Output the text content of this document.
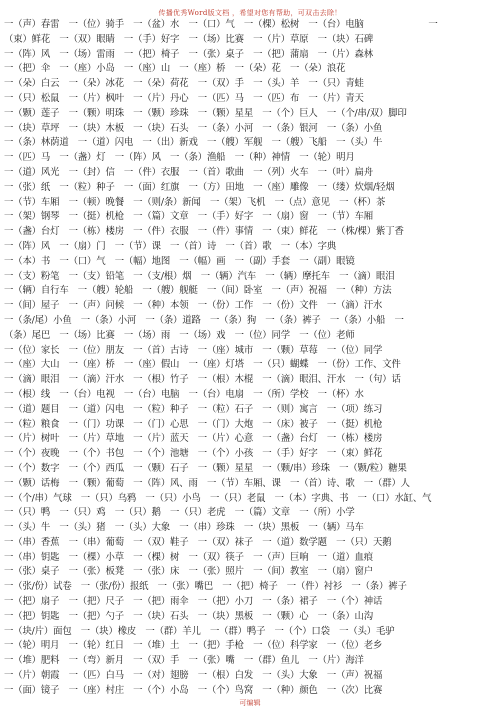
传播优秀Word版文档 ，希望对您有帮助，可双击去除！
一（声）春雷　一（位）骑手　一（盆）水　一（口）气　一（棵）松树　一（台）电脑　　　　　　　一
（束）鲜花　一（双）眼睛　一（手）好字　一（场）比赛　一（片）草原　一（块）石碑
一（阵）风　一（场）雷雨　一（把）椅子　一（张）桌子　一（把）蒲扇　一（片）森林
一（把）伞　一（座）小岛　一（座）山　一（座）桥　一（朵）花　一（朵）浪花
一（朵）白云　一（朵）冰花　一（朵）荷花　一（双）手　一（头）羊　一（只）青蛙
一（只）松鼠　一（片）枫叶　一（片）丹心　一（匹）马　一（匹）布　一（片）青天
一（颗）莲子　一（颗）明珠　一（颗）珍珠　一（颗）星星　一（个）巨人　一（个/串/双）脚印
一（块）草坪　一（块）木板　一（块）石头　一（条）小河　一（条）银河　一（条）小鱼
一（条）林荫道　一（道）闪电　一（出）新戏　一（艘）军舰　一（艘）飞船　一（头）牛
一（匹）马　一（盏）灯　一（阵）风　一（条）渔船　一（种）神情　一（轮）明月
一（道）风光　一（封）信　一（件）衣服　一（首）歌曲　一（列）火车　一（叶）扁舟
一（张）纸　一（粒）种子　一（面）红旗　一（方）田地　一（座）雕像　一（缕）炊烟/轻烟
一（节）车厢　一（顿）晚餐　一（则/条）新闻　一（架）飞机　一（点）意见　一（杯）茶
一（架）钢琴　一（挺）机枪　一（篇）文章　一（手）好字　一（扇）窗　一（节）车厢
一（盏）台灯　一（栋）楼房　一（件）衣服　一（件）事情　一（束）鲜花　一（株/棵）紫丁香
一（阵）风　一（扇）门　一（节）课　一（首）诗　一（首）歌　一（本）字典
一（本）书　一（口）气　一（幅）地图　一（幅）画　一（副）手套　一（副）眼镜
一（支）粉笔　一（支）铅笔　一（支/根）烟　一（辆）汽车　一（辆）摩托车　一（滴）眼泪
一（辆）自行车　一（艘）轮船　一（艘）舰艇　一（间）卧室　一（声）祝福　一（种）方法
一（间）屋子　一（声）问候　一（种）本领　一（份）工作　一（份）文件　一（滴）汗水
一（条/尾）小鱼　一（条）小河　一（条）道路　一（条）狗　一（条）裤子　一（条）小船　一
（条）尾巴　一（场）比赛　一（场）雨　一（场）戏　一（位）同学　一（位）老师
一（位）家长　一（位）朋友　一（首）古诗　一（座）城市　一（颗）草莓　一（位）同学
一（座）大山　一（座）桥　一（座）假山　一（座）灯塔　一（只）蝴蝶　一（份）工作、文件
一（滴）眼泪　一（滴）汗水　一（根）竹子　一（根）木棍　一（滴）眼泪、汗水　一（句）话
一（根）线　一（台）电视　一（台）电脑　一（台）电扇　一（所）学校　一（杯）水
一（道）题目　一（道）闪电　一（粒）种子　一（粒）石子　一（则）寓言　一（项）练习
一（粒）粮食　一（门）功课　一（门）心思　一（门）大炮　一（床）被子　一（挺）机枪
一（片）树叶　一（片）草地　一（片）蓝天　一（片）心意　一（盏）台灯　一（栋）楼房
一（个）夜晚　一（个）书包　一（个）池塘　一（个）小孩　一（手）好字　一（束）鲜花
一（个）数字　一（个）西瓜　一（颗）石子　一（颗）星星　一（颗/串）珍珠　一（颗/粒）糖果
一（颗）话梅　一（颗）葡萄　一（阵）风、雨　一（节）车厢、课　一（首）诗、歌　一（群）人
一（个/串）气球　一（只）乌鸦　一（只）小鸟　一（只）老鼠　一（本）字典、书　一（口）水缸、气
一（只）鸭　一（只）鸡　一（只）鹅　一（只）老虎　一（篇）文章　一（所）小学
一（头）牛　一（头）猪　一（头）大象　一（串）珍珠　一（块）黑板　一（辆）马车
一（串）香蕉　一（串）葡萄　一（双）鞋子　一（双）袜子　一（道）数学题　一（只）天鹅
一（串）钥匙　一（棵）小草　一（棵）树　一（双）筷子　一（声）巨响　一（道）血痕
一（张）桌子　一（张）板凳　一（张）床　一（张）照片　一（间）教室　一（扇）窗户
一（张/份）试卷　一（张/份）报纸　一（张）嘴巴　一（把）椅子　一（件）衬衫　一（条）裤子
一（把）扇子　一（把）尺子　一（把）雨伞　一（把）小刀　一（条）裙子　一（个）神话
一（把）钥匙　一（把）勺子　一（块）石头　一（块）黑板　一（颗）心　一（条）山沟
一（块/片）面包　一（块）橡皮　一（群）羊儿　一（群）鸭子　一（个）口袋　一（头）毛驴
一（轮）明月　一（轮）红日　一（堆）土　一（把）手枪　一（位）科学家　一（位）老乡
一（堆）肥料　一（弯）新月　一（双）手　一（张）嘴　一（群）鱼儿　一（片）海洋
一（片）朝霞　一（匹）白马　一（对）翅膀　一（根）白发　一（头）大象　一（声）祝福
一（面）镜子　一（座）村庄　一（个）小岛　一（个）鸟窝　一（种）颜色　一（次）比赛
可编辑
